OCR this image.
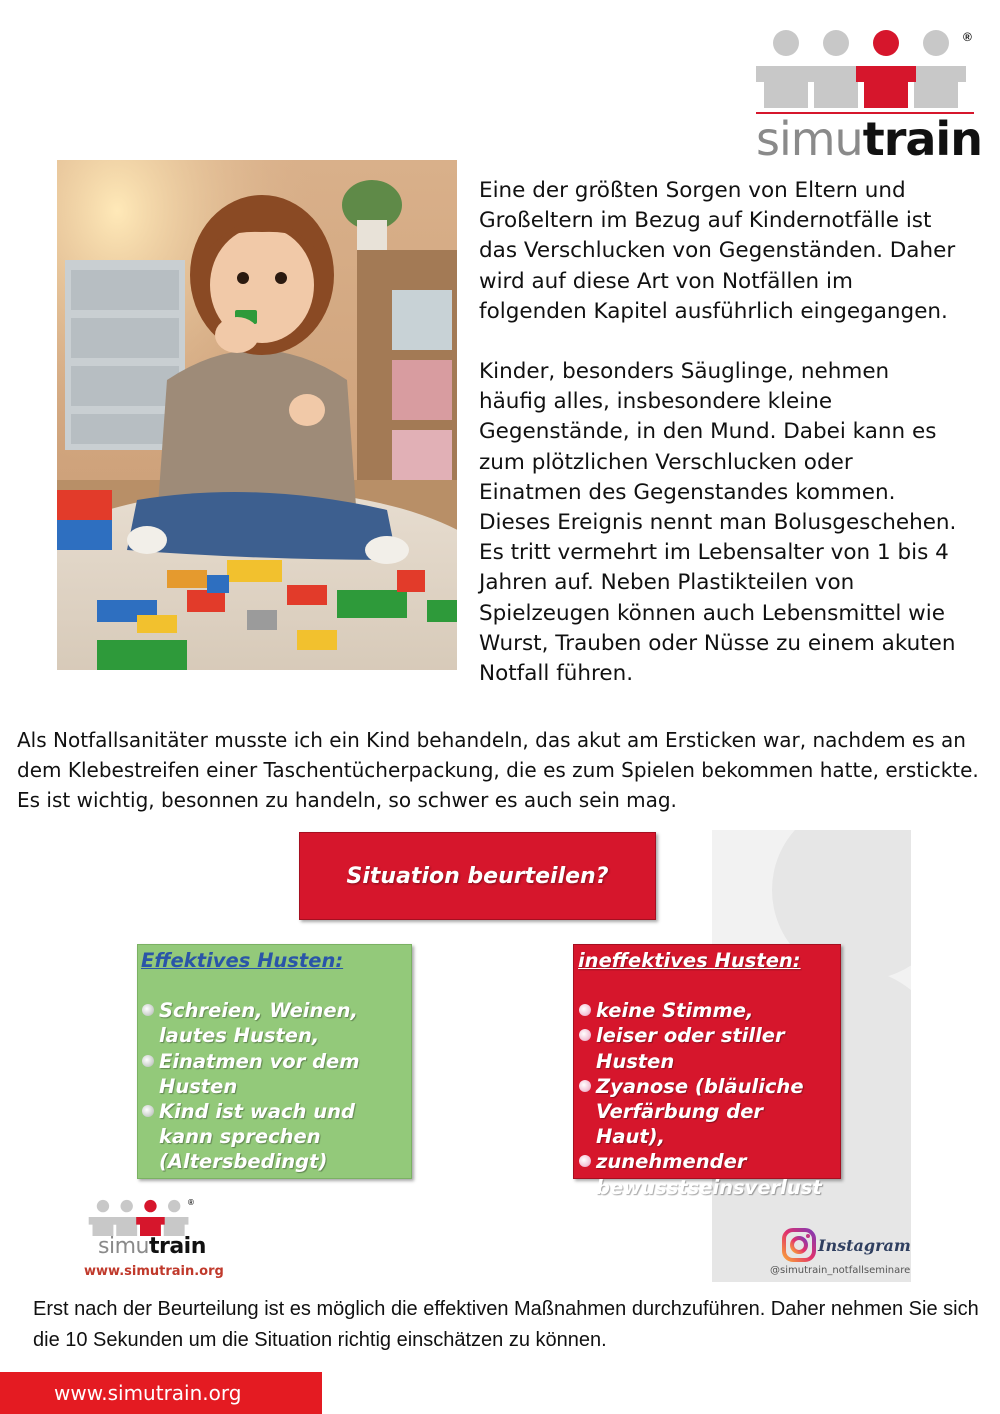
®
simutrain

Eine der größten Sorgen von Eltern und Großeltern im Bezug auf Kindernotfälle ist das Verschlucken von Gegenständen. Daher wird auf diese Art von Notfällen im folgenden Kapitel ausführlich eingegangen.

Kinder, besonders Säuglinge, nehmen häufig alles, insbesondere kleine Gegenstände, in den Mund. Dabei kann es zum plötzlichen Verschlucken oder Einatmen des Gegenstandes kommen. Dieses Ereignis nennt man Bolusgeschehen. Es tritt vermehrt im Lebensalter von 1 bis 4 Jahren auf. Neben Plastikteilen von Spielzeugen können auch Lebensmittel wie Wurst, Trauben oder Nüsse zu einem akuten Notfall führen.

Als Notfallsanitäter musste ich ein Kind behandeln, das akut am Ersticken war, nachdem es an dem Klebestreifen einer Taschentücherpackung, die es zum Spielen bekommen hatte, erstickte. Es ist wichtig, besonnen zu handeln, so schwer es auch sein mag.

Situation beurteilen?
Effektives Husten:
Schreien, Weinen, lautes Husten,
Einatmen vor dem Husten
Kind ist wach und kann sprechen (Altersbedingt)
ineffektives Husten:
keine Stimme,
leiser oder stiller Husten
Zyanose (bläuliche Verfärbung der Haut),
zunehmender bewusstseinsverlust
®
simutrain
www.simutrain.org
Instagram
@simutrain_notfallseminare

Erst nach der Beurteilung ist es möglich die effektiven Maßnahmen durchzuführen. Daher nehmen Sie sich die 10 Sekunden um die Situation richtig einschätzen zu können.

www.simutrain.org
